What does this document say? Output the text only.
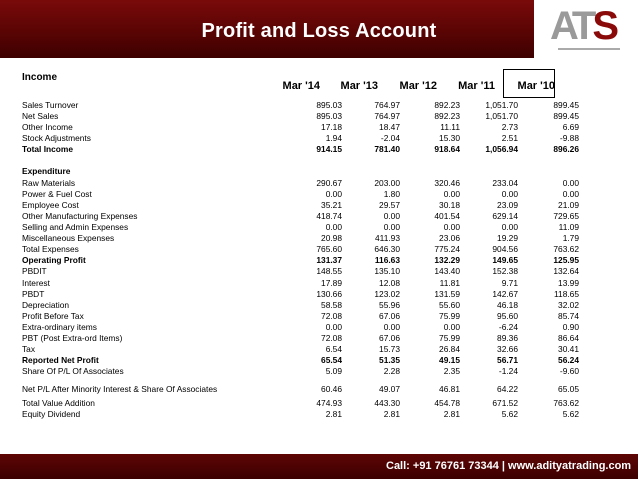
Profit and Loss Account	ATS
Income
Mar '14	Mar '13	Mar '12	Mar '11	Mar '10
Sales Turnover	895.03	764.97	892.23	1,051.70	899.45
Net Sales	895.03	764.97	892.23	1,051.70	899.45
Other Income	17.18	18.47	11.11	2.73	6.69
Stock Adjustments	1.94	-2.04	15.30	2.51	-9.88
Total Income	914.15	781.40	918.64	1,056.94	896.26
Raw Materials	290.67	203.00	320.46	233.04	0.00
Power & Fuel Cost	0.00	1.80	0.00	0.00	0.00
Employee Cost	35.21	29.57	30.18	23.09	21.09
Other Manufacturing Expenses	418.74	0.00	401.54	629.14	729.65
Selling and Admin Expenses	0.00	0.00	0.00	0.00	11.09
Miscellaneous Expenses	20.98	411.93	23.06	19.29	1.79
Total Expenses	765.60	646.30	775.24	904.56	763.62
Operating Profit	131.37	116.63	132.29	149.65	125.95
PBDIT	148.55	135.10	143.40	152.38	132.64
Interest	17.89	12.08	11.81	9.71	13.99
PBDT	130.66	123.02	131.59	142.67	118.65
Depreciation	58.58	55.96	55.60	46.18	32.02
Profit Before Tax	72.08	67.06	75.99	95.60	85.74
Extra-ordinary items	0.00	0.00	0.00	-6.24	0.90
PBT (Post Extra-ord Items)	72.08	67.06	75.99	89.36	86.64
Tax	6.54	15.73	26.84	32.66	30.41
Reported Net Profit	65.54	51.35	49.15	56.71	56.24
Share Of P/L Of Associates	5.09	2.28	2.35	-1.24	-9.60
Net P/L After Minority Interest & Share Of Associates	60.46	49.07	46.81	64.22	65.05
Total Value Addition	474.93	443.30	454.78	671.52	763.62
Equity Dividend	2.81	2.81	2.81	5.62	5.62
Expenditure
Call: +91 76761 73344 | www.adityatrading.com
